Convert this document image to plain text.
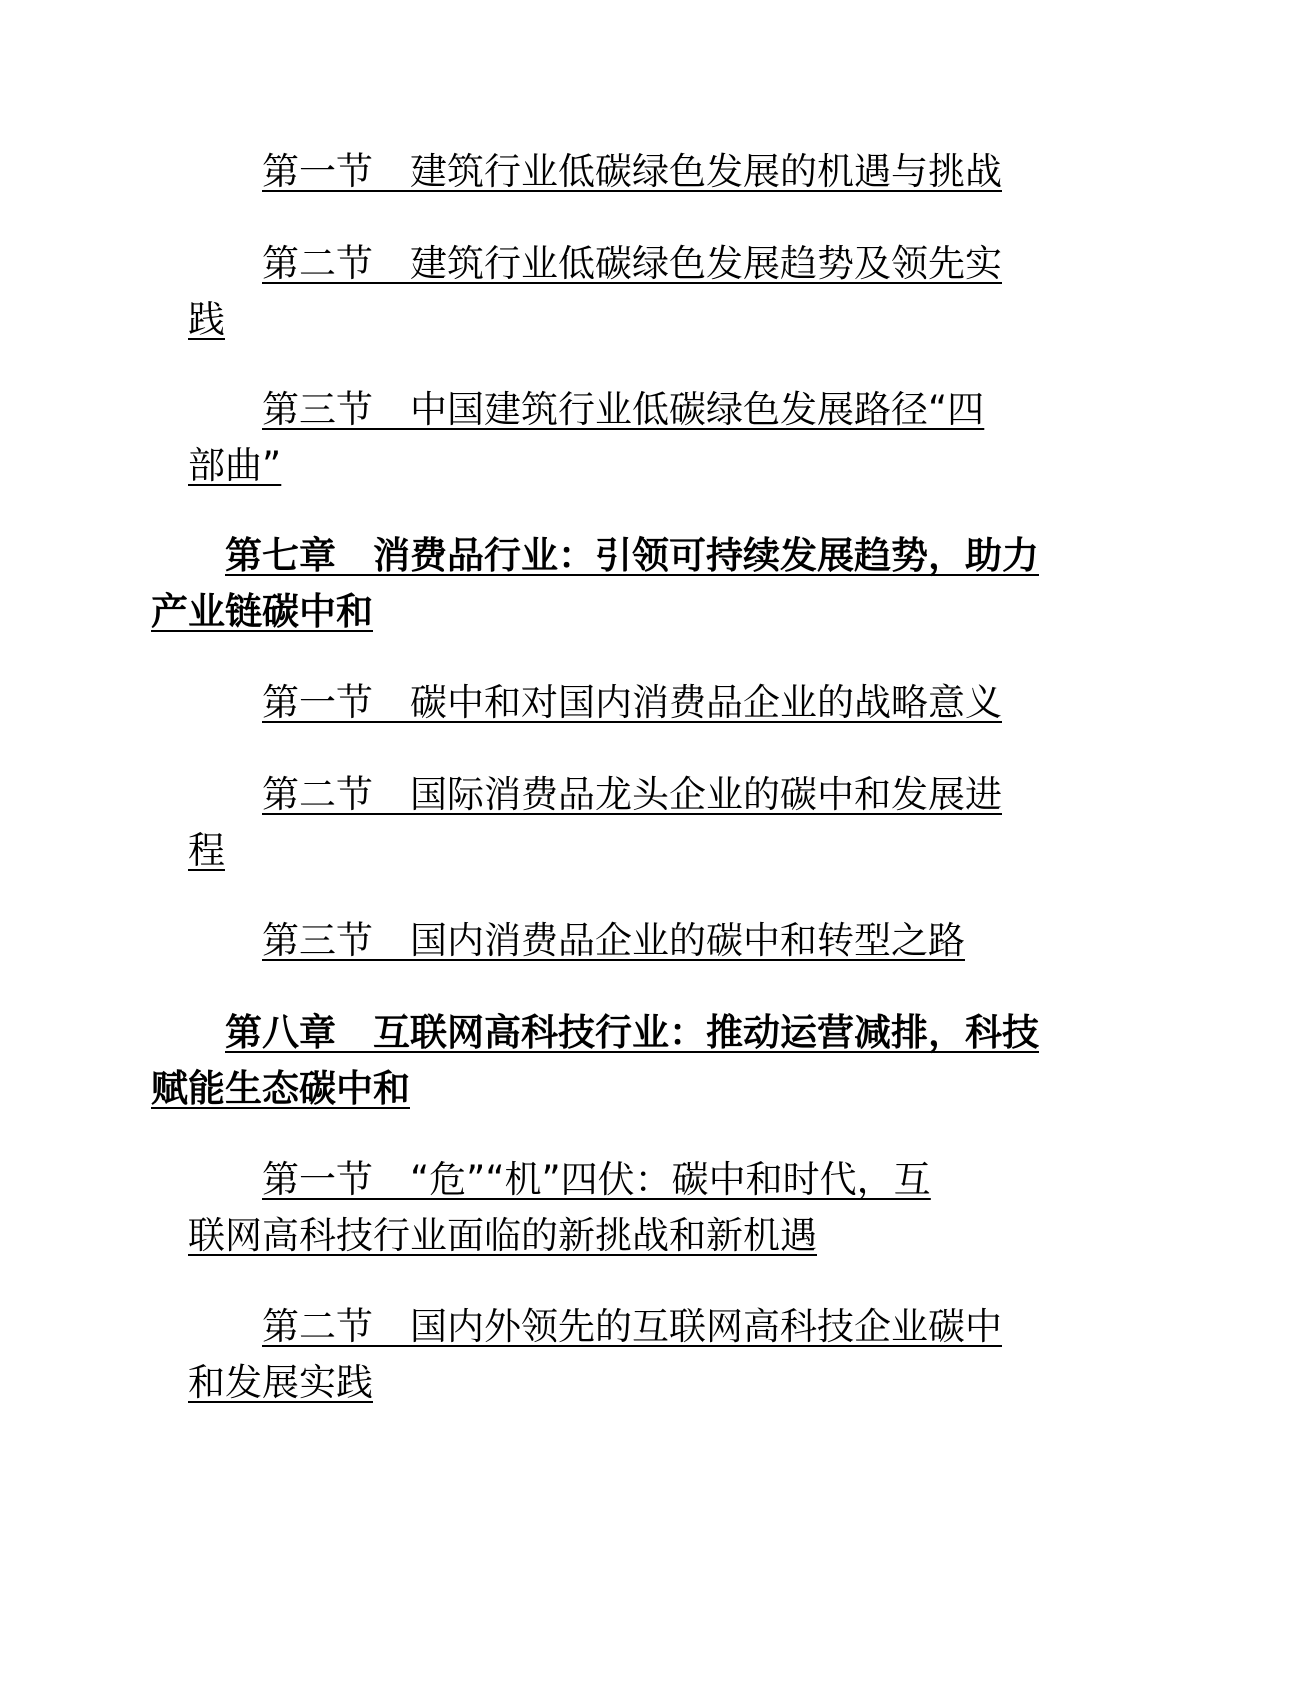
第一节　建筑行业低碳绿色发展的机遇与挑战
第二节　建筑行业低碳绿色发展趋势及领先实
践
第三节　中国建筑行业低碳绿色发展路径“四
部曲”
第七章　消费品行业：引领可持续发展趋势，助力
产业链碳中和
第一节　碳中和对国内消费品企业的战略意义
第二节　国际消费品龙头企业的碳中和发展进
程
第三节　国内消费品企业的碳中和转型之路
第八章　互联网高科技行业：推动运营减排，科技
赋能生态碳中和
第一节　“危”“机”四伏：碳中和时代，互
联网高科技行业面临的新挑战和新机遇
第二节　国内外领先的互联网高科技企业碳中
和发展实践
